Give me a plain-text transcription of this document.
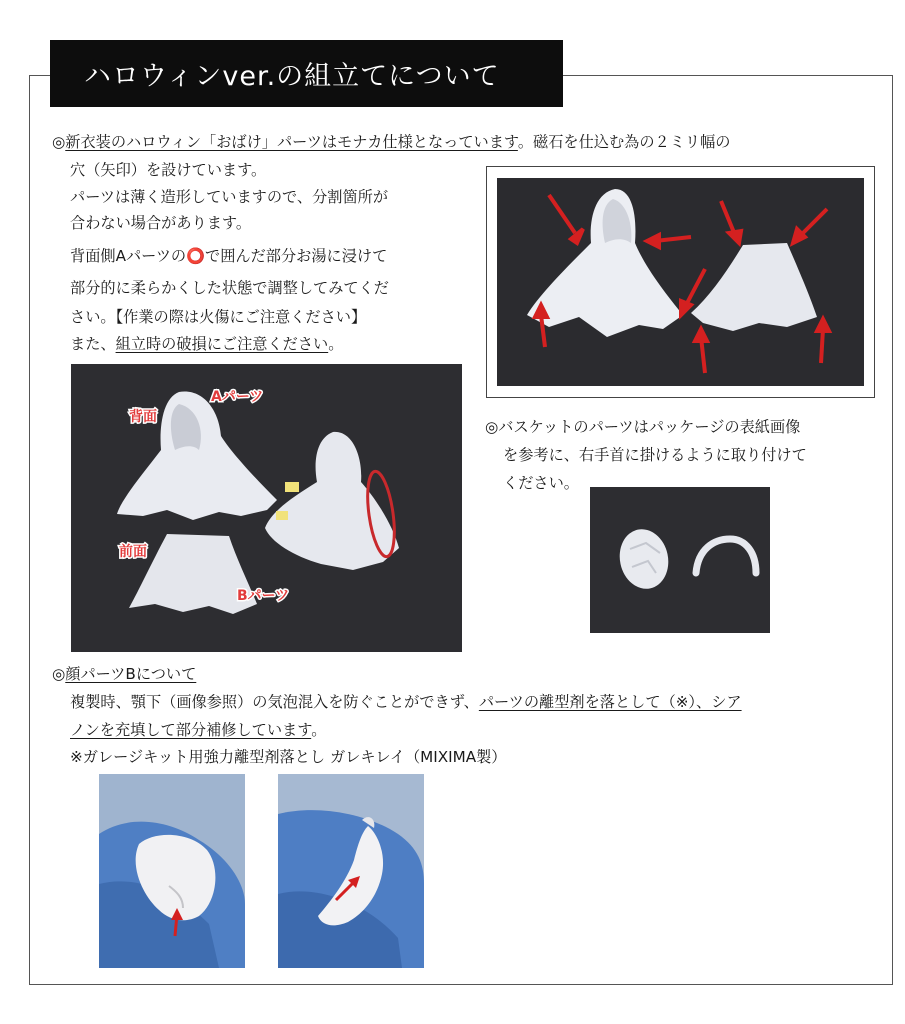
ハロウィンver.の組立てについて
◎新衣装のハロウィン「おばけ」パーツはモナカ仕様となっています。磁石を仕込む為の２ミリ幅の
穴（矢印）を設けています。
パーツは薄く造形していますので、分割箇所が
合わない場合があります。
背面側Aパーツの⭕で囲んだ部分お湯に浸けて
部分的に柔らかくした状態で調整してみてくだ
さい。【作業の際は火傷にご注意ください】
また、組立時の破損にご注意ください。
背面
Aパーツ
前面
Bパーツ
◎バスケットのパーツはパッケージの表紙画像
を参考に、右手首に掛けるように取り付けて
ください。
◎顔パーツBについて
複製時、顎下（画像参照）の気泡混入を防ぐことができず、パーツの離型剤を落として（※）、シア
ノンを充填して部分補修しています。
※ガレージキット用強力離型剤落とし ガレキレイ（MIXIMA製）
